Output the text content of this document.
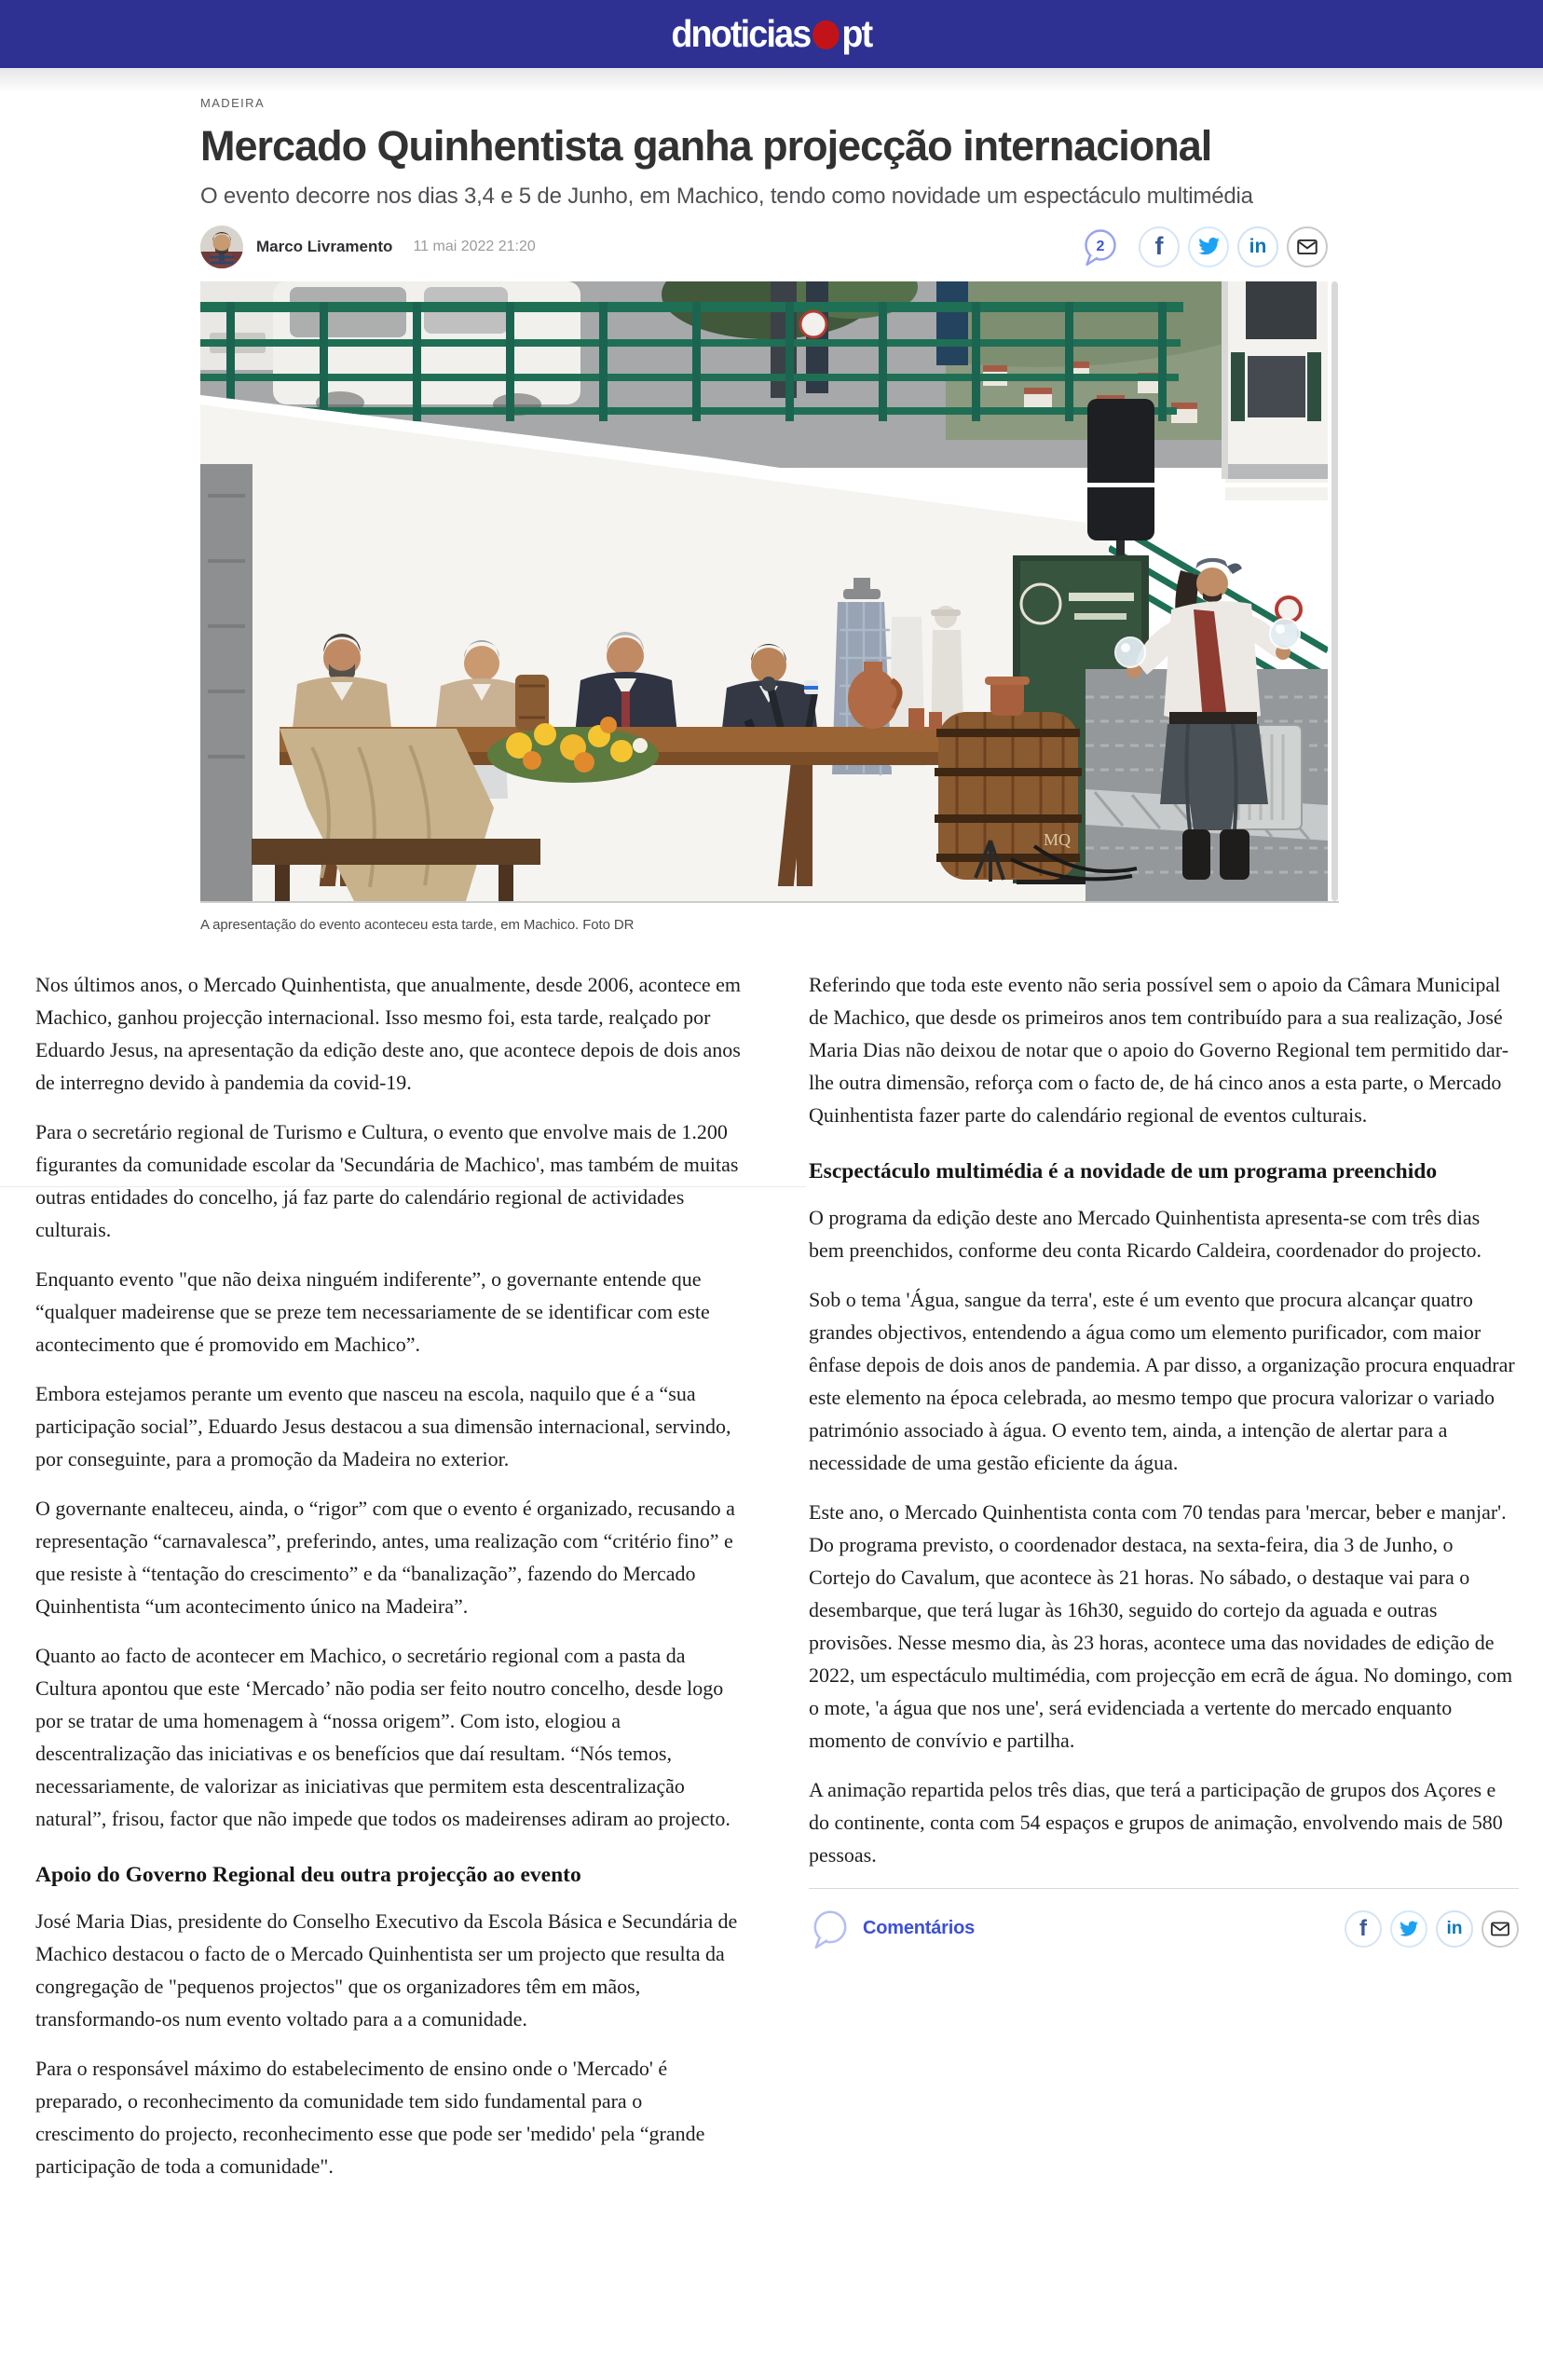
dnoticias pt
MADEIRA
Mercado Quinhentista ganha projecção internacional
O evento decorre nos dias 3,4 e 5 de Junho, em Machico, tendo como novidade um espectáculo multimédia
Marco Livramento 11 mai 2022 21:20	2 f	in
MQ
A apresentação do evento aconteceu esta tarde, em Machico. Foto DR

Nos últimos anos, o Mercado Quinhentista, que anualmente, desde 2006, acontece em Machico, ganhou projecção internacional. Isso mesmo foi, esta tarde, realçado por Eduardo Jesus, na apresentação da edição deste ano, que acontece depois de dois anos de interregno devido à pandemia da covid-19.

Para o secretário regional de Turismo e Cultura, o evento que envolve mais de 1.200 figurantes da comunidade escolar da 'Secundária de Machico', mas também de muitas outras entidades do concelho, já faz parte do calendário regional de actividades culturais.

Enquanto evento "que não deixa ninguém indiferente”, o governante entende que “qualquer madeirense que se preze tem necessariamente de se identificar com este acontecimento que é promovido em Machico”.

Embora estejamos perante um evento que nasceu na escola, naquilo que é a “sua participação social”, Eduardo Jesus destacou a sua dimensão internacional, servindo, por conseguinte, para a promoção da Madeira no exterior.

O governante enalteceu, ainda, o “rigor” com que o evento é organizado, recusando a representação “carnavalesca”, preferindo, antes, uma realização com “critério fino” e que resiste à “tentação do crescimento” e da “banalização”, fazendo do Mercado Quinhentista “um acontecimento único na Madeira”.

Quanto ao facto de acontecer em Machico, o secretário regional com a pasta da Cultura apontou que este ‘Mercado’ não podia ser feito noutro concelho, desde logo por se tratar de uma homenagem à “nossa origem”. Com isto, elogiou a descentralização das iniciativas e os benefícios que daí resultam. “Nós temos, necessariamente, de valorizar as iniciativas que permitem esta descentralização natural”, frisou, factor que não impede que todos os madeirenses adiram ao projecto.

Apoio do Governo Regional deu outra projecção ao evento

José Maria Dias, presidente do Conselho Executivo da Escola Básica e Secundária de Machico destacou o facto de o Mercado Quinhentista ser um projecto que resulta da congregação de "pequenos projectos" que os organizadores têm em mãos, transformando-os num evento voltado para a a comunidade.

Para o responsável máximo do estabelecimento de ensino onde o 'Mercado' é preparado, o reconhecimento da comunidade tem sido fundamental para o crescimento do projecto, reconhecimento esse que pode ser 'medido' pela “grande participação de toda a comunidade".

Referindo que toda este evento não seria possível sem o apoio da Câmara Municipal de Machico, que desde os primeiros anos tem contribuído para a sua realização, José Maria Dias não deixou de notar que o apoio do Governo Regional tem permitido dar-lhe outra dimensão, reforça com o facto de, de há cinco anos a esta parte, o Mercado Quinhentista fazer parte do calendário regional de eventos culturais.

Escpectáculo multimédia é a novidade de um programa preenchido

O programa da edição deste ano Mercado Quinhentista apresenta-se com três dias bem preenchidos, conforme deu conta Ricardo Caldeira, coordenador do projecto.

Sob o tema 'Água, sangue da terra', este é um evento que procura alcançar quatro grandes objectivos, entendendo a água como um elemento purificador, com maior ênfase depois de dois anos de pandemia. A par disso, a organização procura enquadrar este elemento na época celebrada, ao mesmo tempo que procura valorizar o variado património associado à água. O evento tem, ainda, a intenção de alertar para a necessidade de uma gestão eficiente da água.

Este ano, o Mercado Quinhentista conta com 70 tendas para 'mercar, beber e manjar'. Do programa previsto, o coordenador destaca, na sexta-feira, dia 3 de Junho, o Cortejo do Cavalum, que acontece às 21 horas. No sábado, o destaque vai para o desembarque, que terá lugar às 16h30, seguido do cortejo da aguada e outras provisões. Nesse mesmo dia, às 23 horas, acontece uma das novidades de edição de 2022, um espectáculo multimédia, com projecção em ecrã de água. No domingo, com o mote, 'a água que nos une', será evidenciada a vertente do mercado enquanto momento de convívio e partilha.

A animação repartida pelos três dias, que terá a participação de grupos dos Açores e do continente, conta com 54 espaços e grupos de animação, envolvendo mais de 580 pessoas.

Comentários	f	in
